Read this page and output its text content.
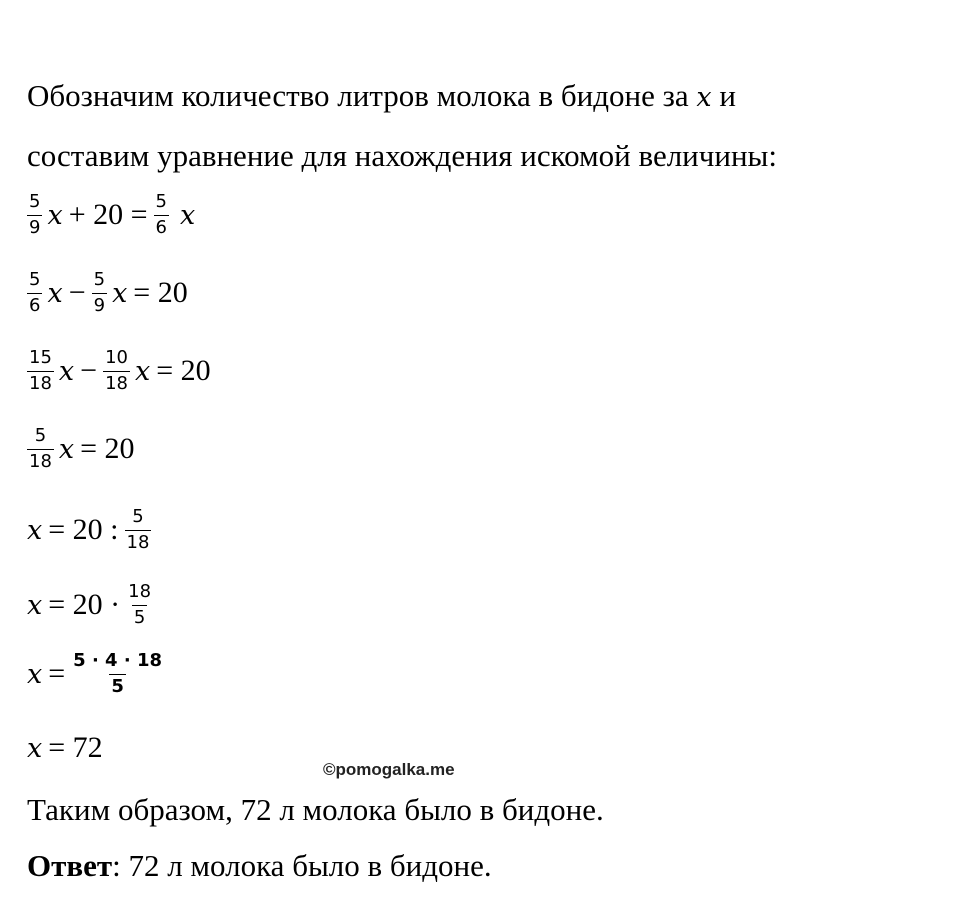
Обозначим количество литров молока в бидоне за x и
составим уравнение для нахождения искомой величины:
$\frac{5}{9}$ $x + 20 = \frac{5}{6}$ x
$\frac{5}{6}$ $x - \frac{5}{9}$ x = 20
$\frac{15}{18}$ $x - \frac{10}{18}$ x = 20
$\frac{5}{18}$ x = 20
x = 20 : $\frac{5}{18}$
$x = 20 \cdot \frac{18}{5}$
$x = \frac{5 \cdot 4 \cdot 18}{5}$
x = 72
©pomogalka.me
Таким образом, 72 л молока было в бидоне.
Ответ: 72 л молока было в бидоне.
